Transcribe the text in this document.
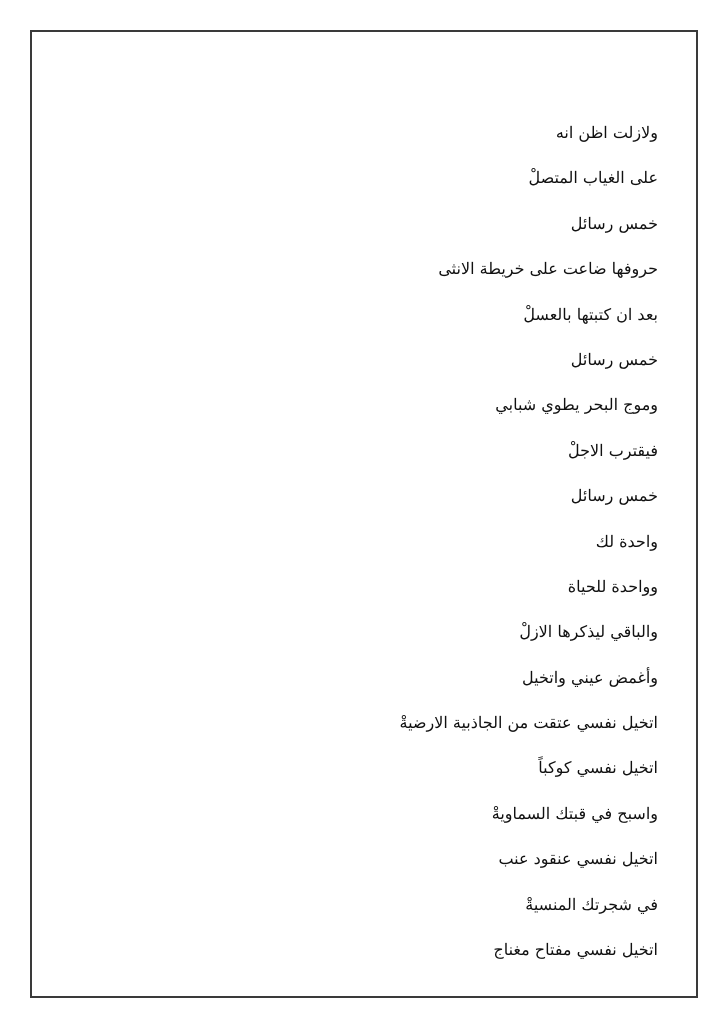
ولازلت اظن انه
على الغياب المتصلْ
خمس رسائل
حروفها ضاعت على خريطة الانثى
بعد ان كتبتها بالعسلْ
خمس رسائل
وموج البحر يطوي شبابي
فيقترب الاجلْ
خمس رسائل
واحدة لك
وواحدة للحياة
والباقي ليذكرها الازلْ
وأغمض عيني واتخيل
اتخيل نفسي عتقت من الجاذبية الارضيةْ
اتخيل نفسي كوكباً
واسبح في قبتك السماويةْ
اتخيل نفسي عنقود عنب
في شجرتك المنسيةْ
اتخيل نفسي مفتاح مغناج
